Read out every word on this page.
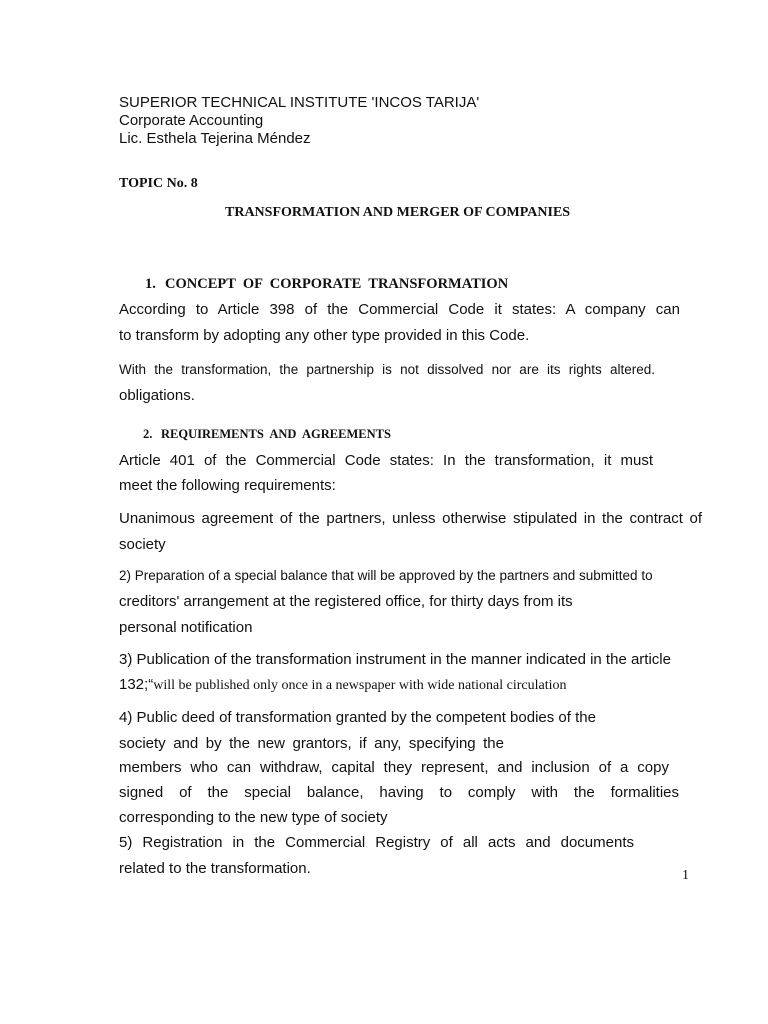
SUPERIOR TECHNICAL INSTITUTE 'INCOS TARIJA'
Corporate Accounting
Lic. Esthela Tejerina Méndez
TOPIC No. 8
TRANSFORMATION AND MERGER OF COMPANIES
1. CONCEPT  OF  CORPORATE  TRANSFORMATION
According to Article 398 of the Commercial Code it states: A company can
to transform by adopting any other type provided in this Code.
With the transformation, the partnership is not dissolved nor are its rights altered.
obligations.
2. REQUIREMENTS  AND  AGREEMENTS
Article 401 of the Commercial Code states: In the transformation, it must
meet the following requirements:
Unanimous agreement of the partners, unless otherwise stipulated in the contract of
society
2) Preparation of a special balance that will be approved by the partners and submitted to
creditors' arrangement at the registered office, for thirty days from its
personal notification
3) Publication of the transformation instrument in the manner indicated in the article
132;“will be published only once in a newspaper with wide national circulation
4) Public deed of transformation granted by the competent bodies of the
society and by the new grantors, if any, specifying the
members who can withdraw, capital they represent, and inclusion of a copy
signed of the special balance, having to comply with the formalities
corresponding to the new type of society
5) Registration in the Commercial Registry of all acts and documents
related to the transformation.	1
